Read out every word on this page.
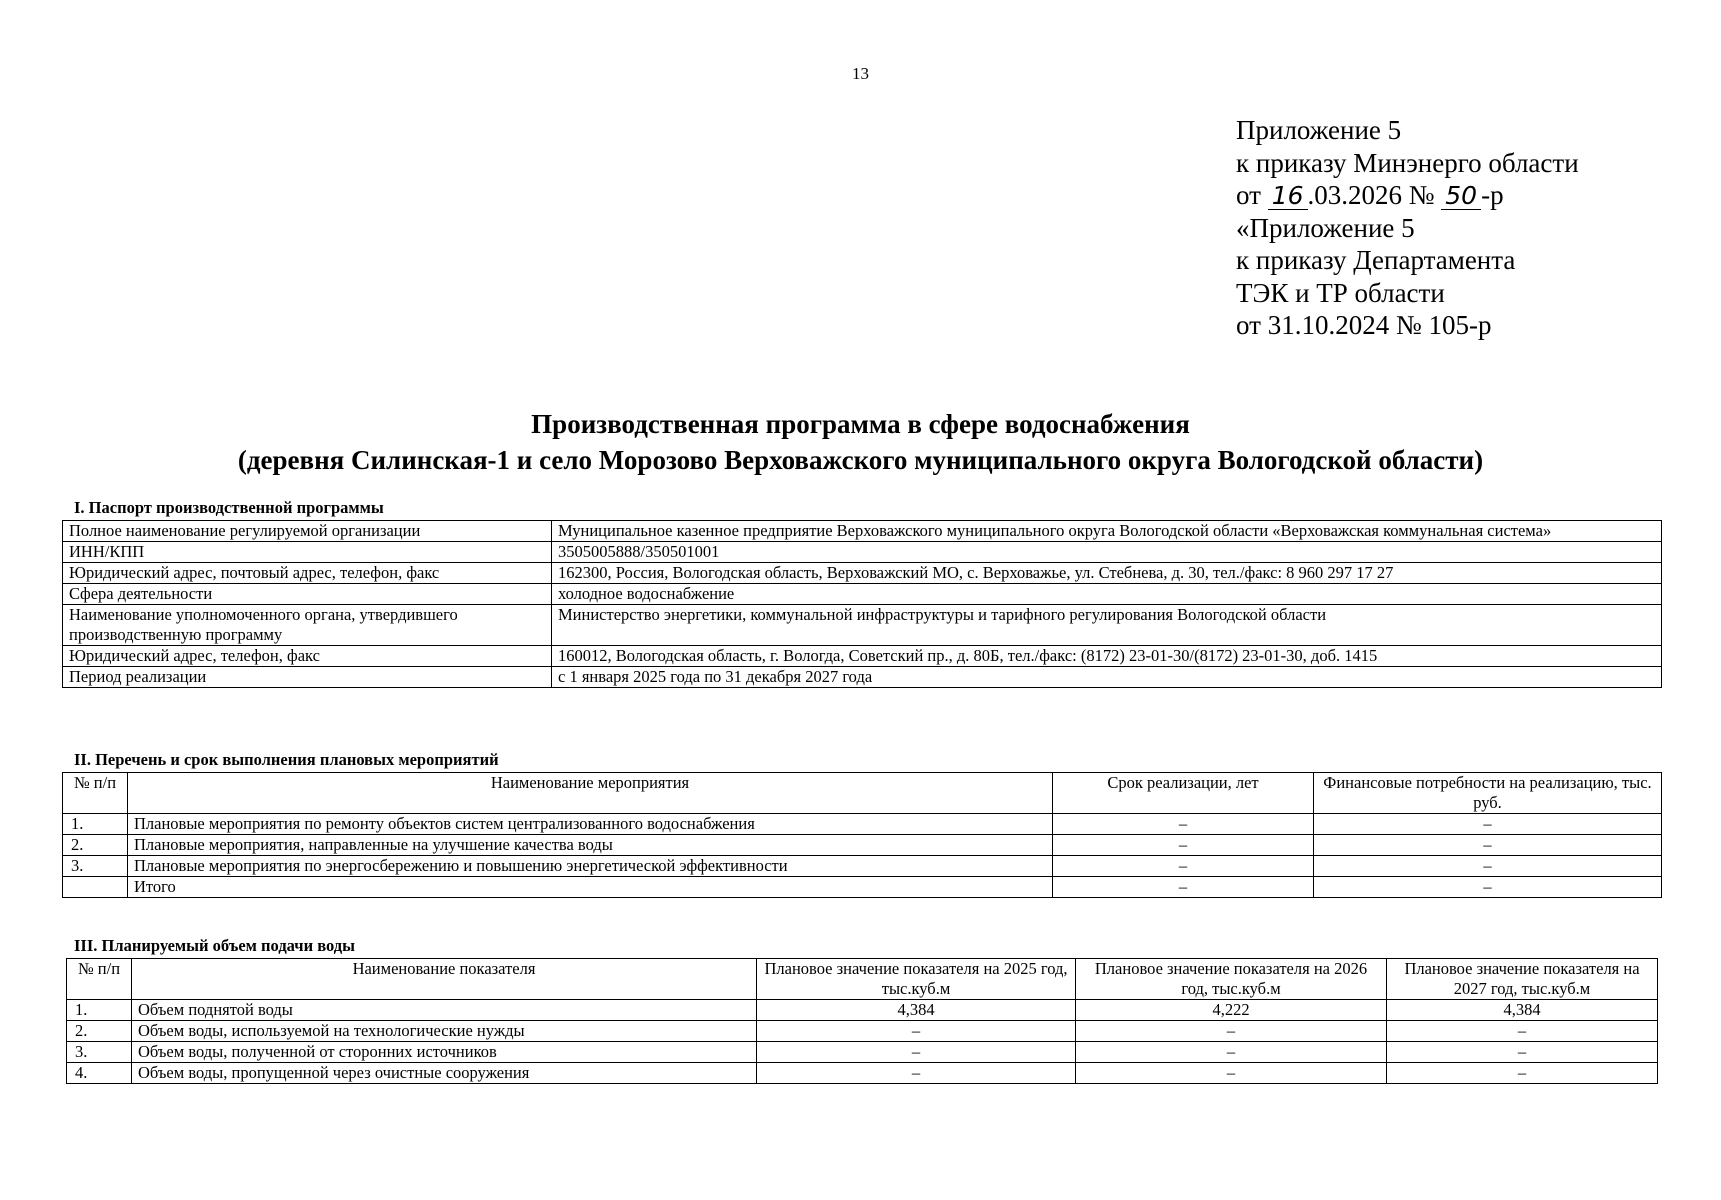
13
Приложение 5
к приказу Минэнерго области
от 16 .03.2026 № 50 -р
«Приложение 5
к приказу Департамента
ТЭК и ТР области
от 31.10.2024 № 105-р
Производственная программа в сфере водоснабжения
(деревня Силинская-1 и село Морозово Верховажского муниципального округа Вологодской области)
I. Паспорт производственной программы
Полное наименование регулируемой организации	Муниципальное казенное предприятие Верховажского муниципального округа Вологодской области «Верховажская коммунальная система»
ИНН/КПП	3505005888/350501001
Юридический адрес, почтовый адрес, телефон, факс	162300, Россия, Вологодская область, Верховажский МО, с. Верховажье, ул. Стебнева, д. 30, тел./факс: 8 960 297 17 27
Сфера деятельности	холодное водоснабжение
Наименование уполномоченного органа, утвердившего производственную программу	Министерство энергетики, коммунальной инфраструктуры и тарифного регулирования Вологодской области
Юридический адрес, телефон, факс	160012, Вологодская область, г. Вологда, Советский пр., д. 80Б, тел./факс: (8172) 23-01-30/(8172) 23-01-30, доб. 1415
Период реализации	с 1 января 2025 года по 31 декабря 2027 года
II. Перечень и срок выполнения плановых мероприятий
№ п/п	Наименование мероприятия	Срок реализации, лет	Финансовые потребности на реализацию, тыс. руб.
1.	Плановые мероприятия по ремонту объектов систем централизованного водоснабжения	–	–
2.	Плановые мероприятия, направленные на улучшение качества воды	–	–
3.	Плановые мероприятия по энергосбережению и повышению энергетической эффективности	–	–
	Итого	–	–
III. Планируемый объем подачи воды
№ п/п	Наименование показателя	Плановое значение показателя на 2025 год, тыс.куб.м	Плановое значение показателя на 2026 год, тыс.куб.м	Плановое значение показателя на 2027 год, тыс.куб.м
1.	Объем поднятой воды	4,384	4,222	4,384
2.	Объем воды, используемой на технологические нужды	–	–	–
3.	Объем воды, полученной от сторонних источников	–	–	–
4.	Объем воды, пропущенной через очистные сооружения	–	–	–
